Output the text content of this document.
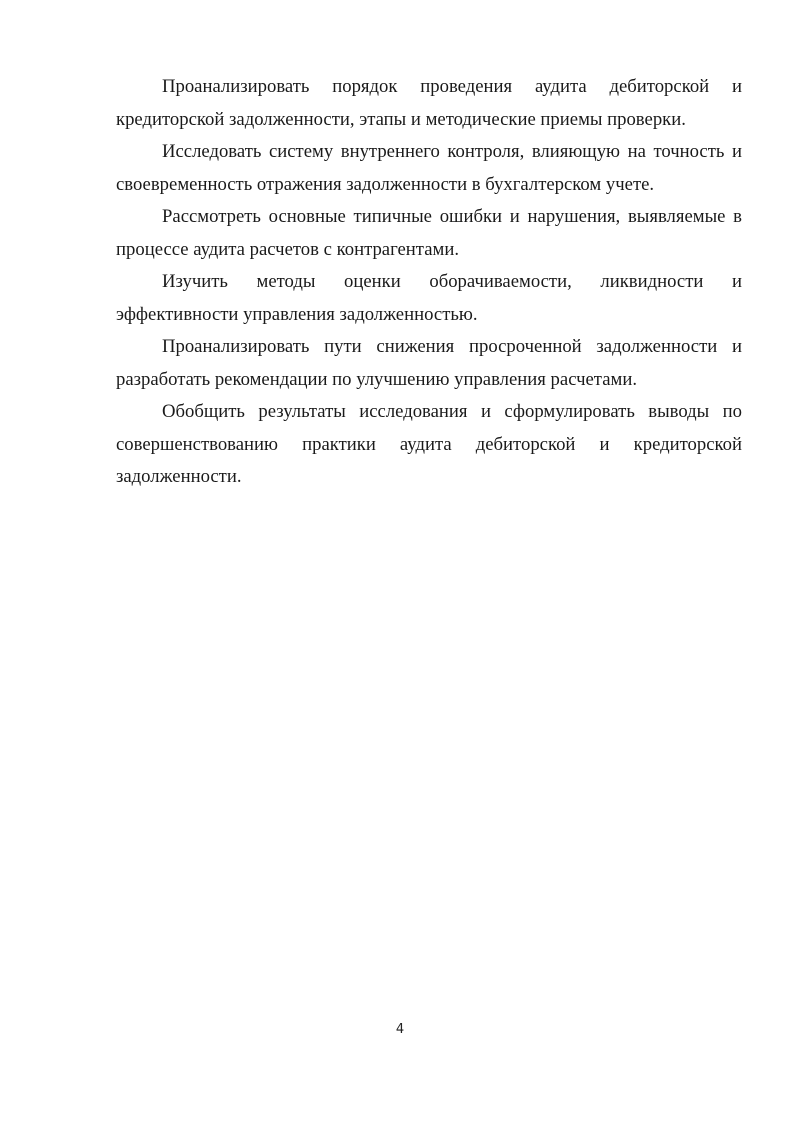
Проанализировать порядок проведения аудита дебиторской и кредиторской задолженности, этапы и методические приемы проверки.

Исследовать систему внутреннего контроля, влияющую на точность и своевременность отражения задолженности в бухгалтерском учете.

Рассмотреть основные типичные ошибки и нарушения, выявляемые в процессе аудита расчетов с контрагентами.

Изучить методы оценки оборачиваемости, ликвидности и эффективности управления задолженностью.

Проанализировать пути снижения просроченной задолженности и разработать рекомендации по улучшению управления расчетами.

Обобщить результаты исследования и сформулировать выводы по совершенствованию практики аудита дебиторской и кредиторской задолженности.

4
